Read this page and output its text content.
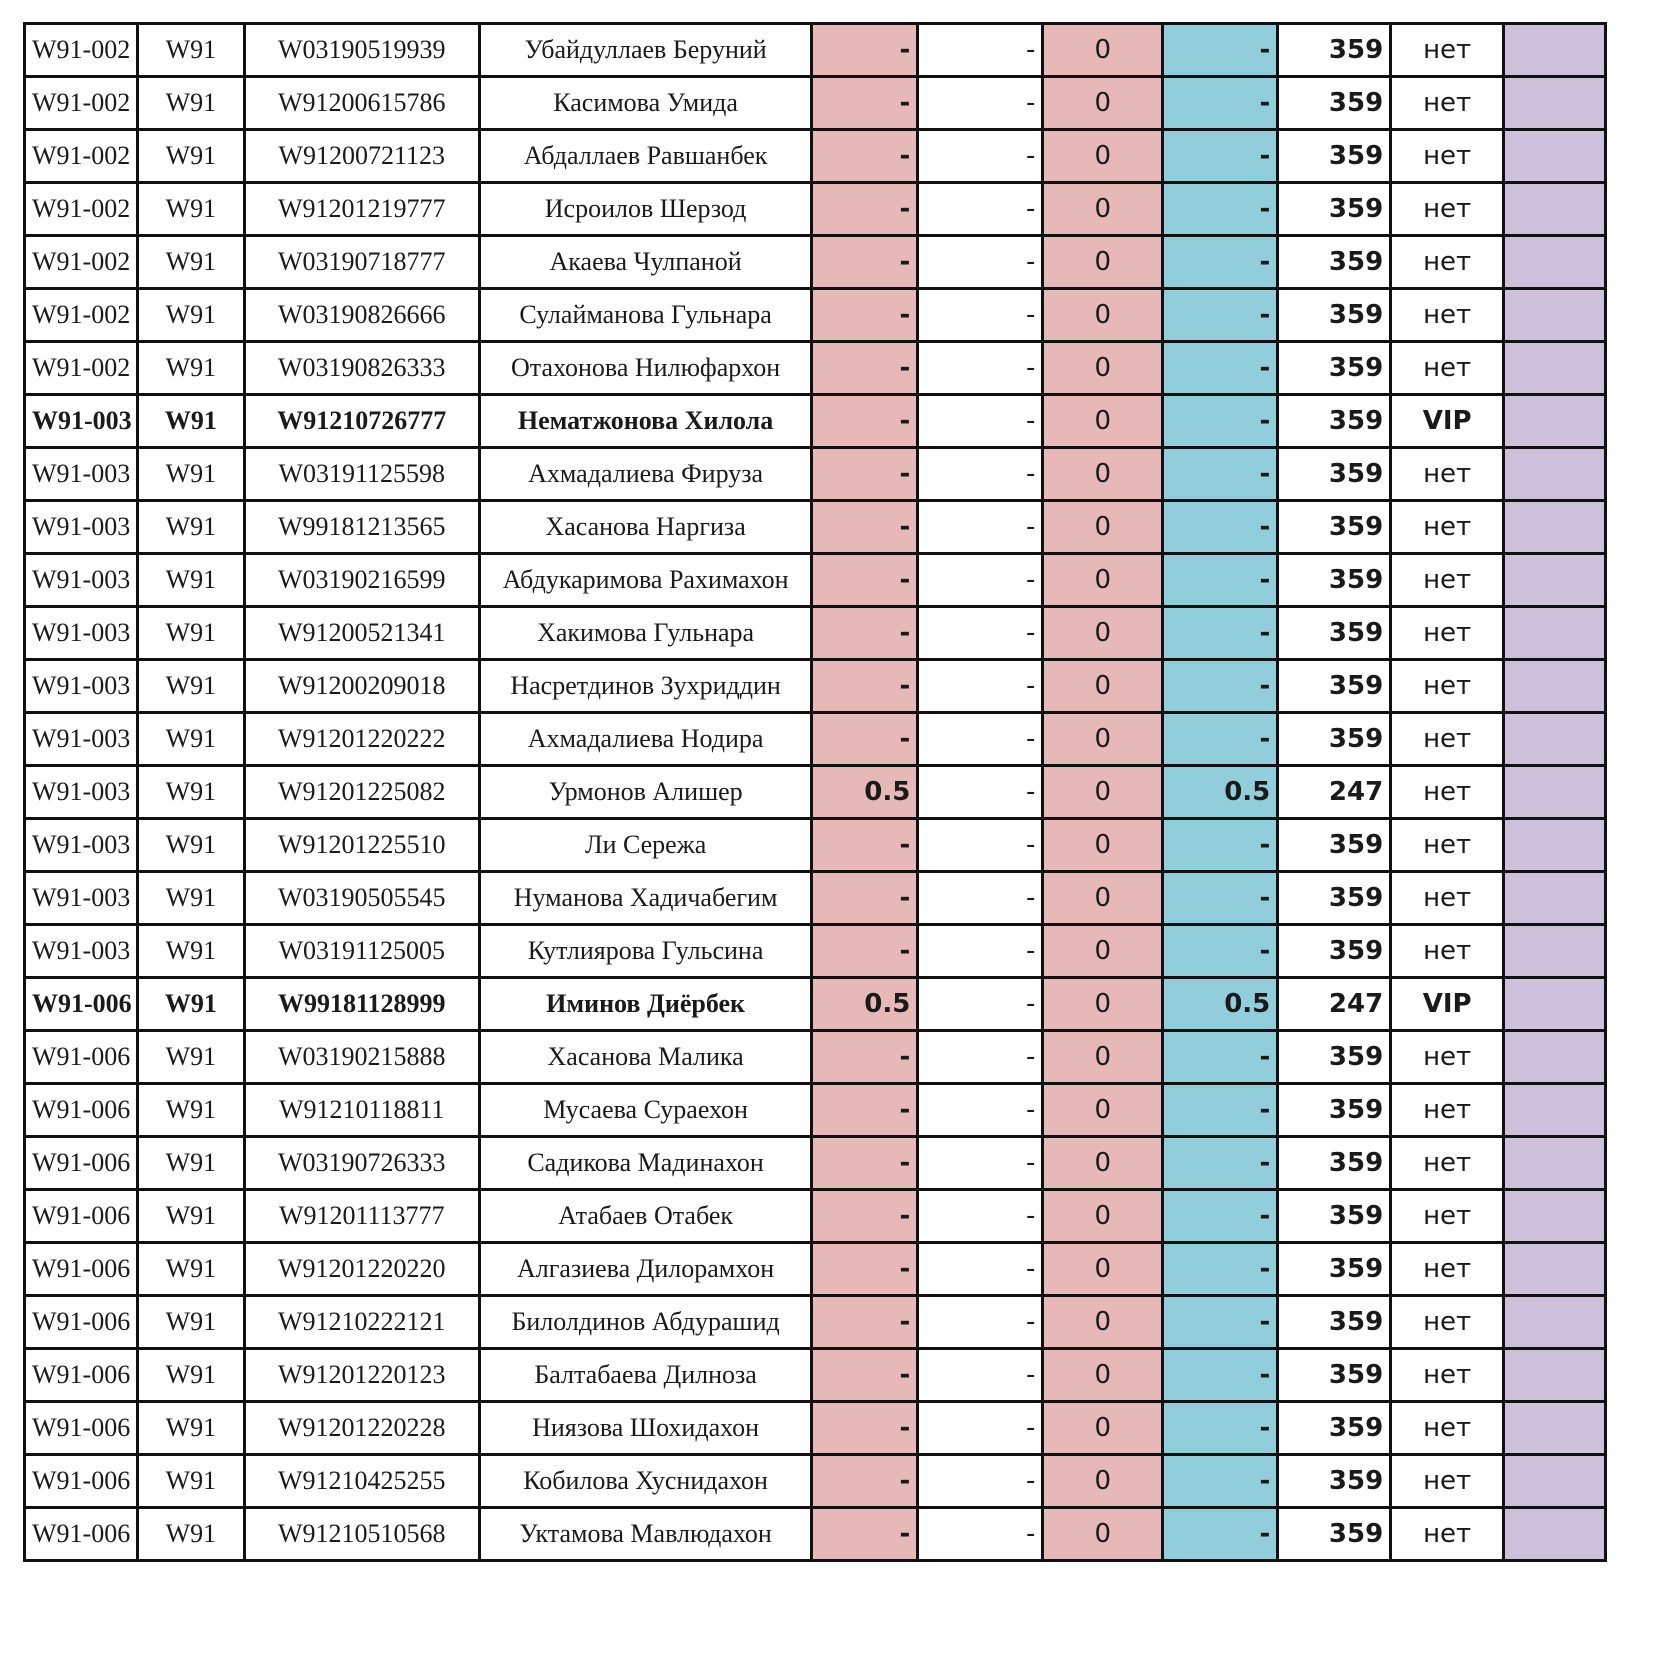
W91-002	W91	W03190519939	Убайдуллаев Беруний	-	-	0	-	359	нет	
W91-002	W91	W91200615786	Касимова Умида	-	-	0	-	359	нет	
W91-002	W91	W91200721123	Абдаллаев Равшанбек	-	-	0	-	359	нет	
W91-002	W91	W91201219777	Исроилов Шерзод	-	-	0	-	359	нет	
W91-002	W91	W03190718777	Акаева Чулпаной	-	-	0	-	359	нет	
W91-002	W91	W03190826666	Сулайманова Гульнара	-	-	0	-	359	нет	
W91-002	W91	W03190826333	Отахонова Нилюфархон	-	-	0	-	359	нет	
W91-003	W91	W91210726777	Нематжонова Хилола	-	-	0	-	359	VIP	
W91-003	W91	W03191125598	Ахмадалиева Фируза	-	-	0	-	359	нет	
W91-003	W91	W99181213565	Хасанова Наргиза	-	-	0	-	359	нет	
W91-003	W91	W03190216599	Абдукаримова Рахимахон	-	-	0	-	359	нет	
W91-003	W91	W91200521341	Хакимова Гульнара	-	-	0	-	359	нет	
W91-003	W91	W91200209018	Насретдинов Зухриддин	-	-	0	-	359	нет	
W91-003	W91	W91201220222	Ахмадалиева Нодира	-	-	0	-	359	нет	
W91-003	W91	W91201225082	Урмонов Алишер	0.5	-	0	0.5	247	нет	
W91-003	W91	W91201225510	Ли Сережа	-	-	0	-	359	нет	
W91-003	W91	W03190505545	Нуманова Хадичабегим	-	-	0	-	359	нет	
W91-003	W91	W03191125005	Кутлиярова Гульсина	-	-	0	-	359	нет	
W91-006	W91	W99181128999	Иминов Диёрбек	0.5	-	0	0.5	247	VIP	
W91-006	W91	W03190215888	Хасанова Малика	-	-	0	-	359	нет	
W91-006	W91	W91210118811	Мусаева Сураехон	-	-	0	-	359	нет	
W91-006	W91	W03190726333	Садикова Мадинахон	-	-	0	-	359	нет	
W91-006	W91	W91201113777	Атабаев Отабек	-	-	0	-	359	нет	
W91-006	W91	W91201220220	Алгазиева Дилорамхон	-	-	0	-	359	нет	
W91-006	W91	W91210222121	Билолдинов Абдурашид	-	-	0	-	359	нет	
W91-006	W91	W91201220123	Балтабаева Дилноза	-	-	0	-	359	нет	
W91-006	W91	W91201220228	Ниязова Шохидахон	-	-	0	-	359	нет	
W91-006	W91	W91210425255	Кобилова Хуснидахон	-	-	0	-	359	нет	
W91-006	W91	W91210510568	Уктамова Мавлюдахон	-	-	0	-	359	нет	
